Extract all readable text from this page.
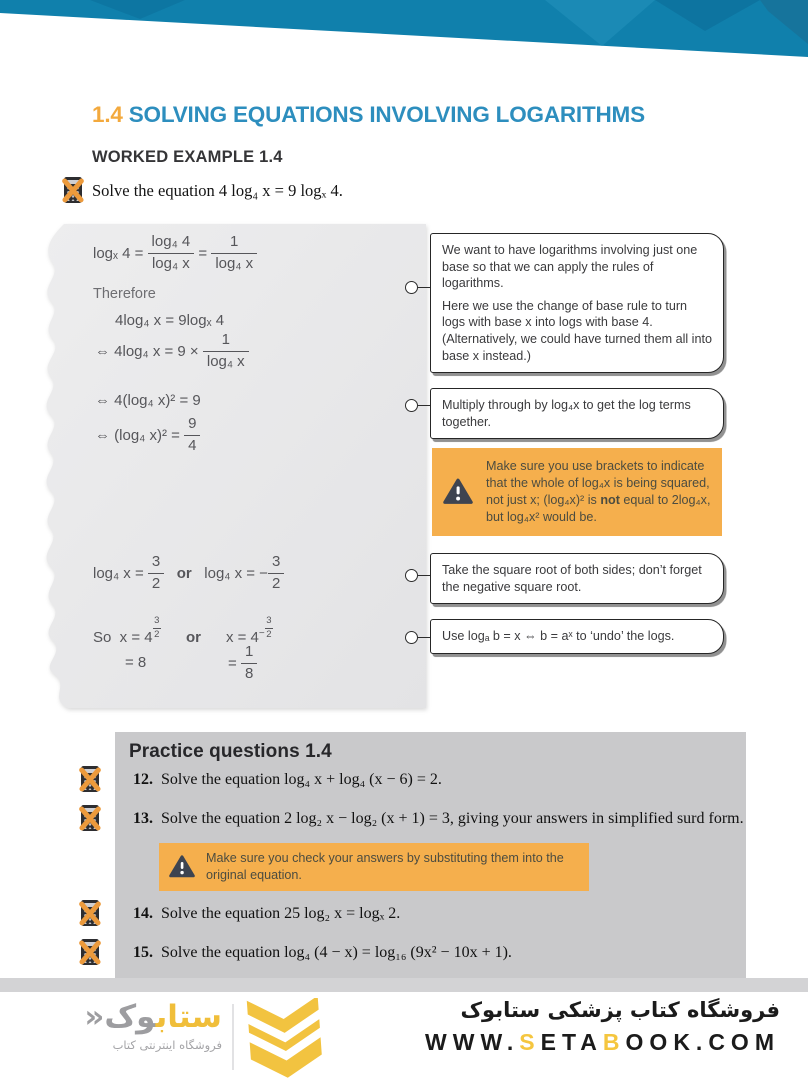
1.4 SOLVING EQUATIONS INVOLVING LOGARITHMS
WORKED EXAMPLE 1.4
Solve the equation 4 log₄ x = 9 logₓ 4.
logₓ $4 = \frac{\text{log₄ 4}}{\text{log₄ x}} = \frac{1}{\text{log₄ x}}$
Therefore
4log₄ x = 9logₓ 4
⇔ 4log₄ $x = 9 \times \frac{1}{\text{log₄ x}}$
⇔ 4(log₄ x)² = 9
⇔ (log₄ $x)^2 = \frac{9}{4}$
log₄ $x = \frac{3}{2}$
or log₄ x = − $\frac{3}{2}$
So  $x = 4 \frac{3}{2}$ or      $x = 4^- \frac{3}{2}$
= 8	= $\frac{1}{8}$

We want to have logarithms involving just one base so that we can apply the rules of logarithms.

Here we use the change of base rule to turn logs with base x into logs with base 4. (Alternatively, we could have turned them all into base x instead.)

Multiply through by log₄x to get the log terms together.

Make sure you use brackets to indicate that the whole of log₄x is being squared, not just x; (log₄x)² is not equal to 2log₄x, but log₄x² would be.

Take the square root of both sides; don’t forget the negative square root.

Use logₐ b = x ⇔ b = aˣ to ‘undo’ the logs.

Practice questions 1.4
12. Solve the equation log₄ x + log₄ (x − 6) = 2.
13. Solve the equation 2 log₂ x − log₂ (x + 1) = 3, giving your answers in simplified surd form.
14. Solve the equation 25 log₂ x = logₓ 2.
15. Solve the equation log₄ (4 − x) = log₁₆ (9x² − 10x + 1).
Make sure you check your answers by substituting them into the original equation.
ستابوک«
فروشگاه اینترنتی کتاب
فروشگاه کتاب پزشکی ستابوک
WWW.SETABOOK.COM
